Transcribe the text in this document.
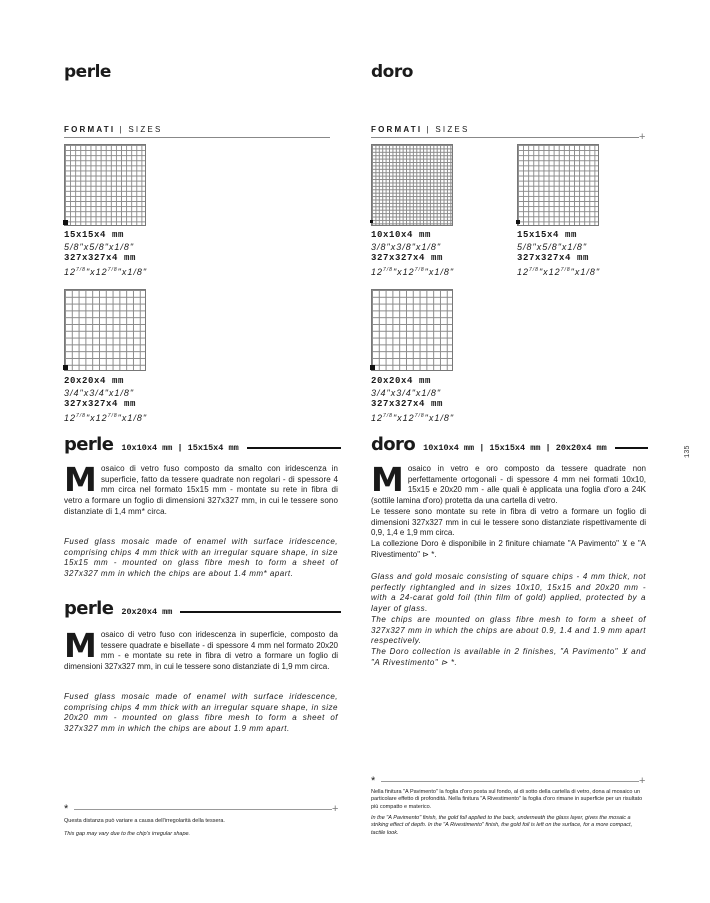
perle
FORMATI | SIZES
15x15x4 mm
5/8"x5/8"x1/8"
327x327x4 mm
$12^{7/8}"x12^{7/8}"x1/8$"
20x20x4 mm
3/4"x3/4"x1/8"
327x327x4 mm
$12^{7/8}"x12^{7/8}"x1/8$"
perle 10x10x4 mm | 15x15x4 mm
Mosaico di vetro fuso composto da smalto con iridescenza in superficie, fatto da tessere quadrate non regolari - di spessore 4 mm circa nel formato 15x15 mm - montate su rete in fibra di vetro a formare un foglio di dimensioni 327x327 mm, in cui le tessere sono distanziate di 1,4 mm* circa.
Fused glass mosaic made of enamel with surface iridescence, comprising chips 4 mm thick with an irregular square shape, in size 15x15 mm - mounted on glass fibre mesh to form a sheet of 327x327 mm in which the chips are about 1.4 mm* apart.
perle 20x20x4 mm
Mosaico di vetro fuso con iridescenza in superficie, composto da tessere quadrate e bisellate - di spessore 4 mm nel formato 20x20 mm - e montate su rete in fibra di vetro a formare un foglio di dimensioni 327x327 mm, in cui le tessere sono distanziate di 1,9 mm circa.
Fused glass mosaic made of enamel with surface iridescence, comprising chips 4 mm thick with an irregular square shape, in size 20x20 mm - mounted on glass fibre mesh to form a sheet of 327x327 mm in which the chips are about 1.9 mm apart.
*	+
Questa distanza può variare a causa dell'irregolarità della tessera.
This gap may vary due to the chip's irregular shape.
doro
FORMATI | SIZES
+
10x10x4 mm
3/8"x3/8"x1/8"
327x327x4 mm
$12^{7/8}"x12^{7/8}"x1/8$"
15x15x4 mm
5/8"x5/8"x1/8"
327x327x4 mm
$12^{7/8}"x12^{7/8}"x1/8$"
20x20x4 mm
3/4"x3/4"x1/8"
327x327x4 mm
$12^{7/8}"x12^{7/8}"x1/8$"
doro 10x10x4 mm | 15x15x4 mm | 20x20x4 mm
Mosaico in vetro e oro composto da tessere quadrate non perfettamente ortogonali - di spessore 4 mm nei formati 10x10, 15x15 e 20x20 mm - alle quali è applicata una foglia d'oro a 24K (sottile lamina d'oro) protetta da una cartella di vetro.
Le tessere sono montate su rete in fibra di vetro a formare un foglio di dimensioni 327x327 mm in cui le tessere sono distanziate rispettivamente di 0,9, 1,4 e 1,9 mm circa.
La collezione Doro è disponibile in 2 finiture chiamate "A Pavimento" ⊻ e "A Rivestimento" ⊳ *.
Glass and gold mosaic consisting of square chips - 4 mm thick, not perfectly rightangled and in sizes 10x10, 15x15 and 20x20 mm - with a 24-carat gold foil (thin film of gold) applied, protected by a layer of glass.
The chips are mounted on glass fibre mesh to form a sheet of 327x327 mm in which the chips are about 0.9, 1.4 and 1.9 mm apart respectively.
The Doro collection is available in 2 finishes, "A Pavimento" ⊻ and "A Rivestimento" ⊳ *.
135
*	+
Nella finitura "A Pavimento" la foglia d'oro posta sul fondo, al di sotto della cartella di vetro, dona al mosaico un particolare effetto di profondità. Nella finitura "A Rivestimento" la foglia d'oro rimane in superficie per un risultato più compatto e materico.
In the "A Pavimento" finish, the gold foil applied to the back, underneath the glass layer, gives the mosaic a striking effect of depth. In the "A Rivestimento" finish, the gold foil is left on the surface, for a more compact, tactile look.
